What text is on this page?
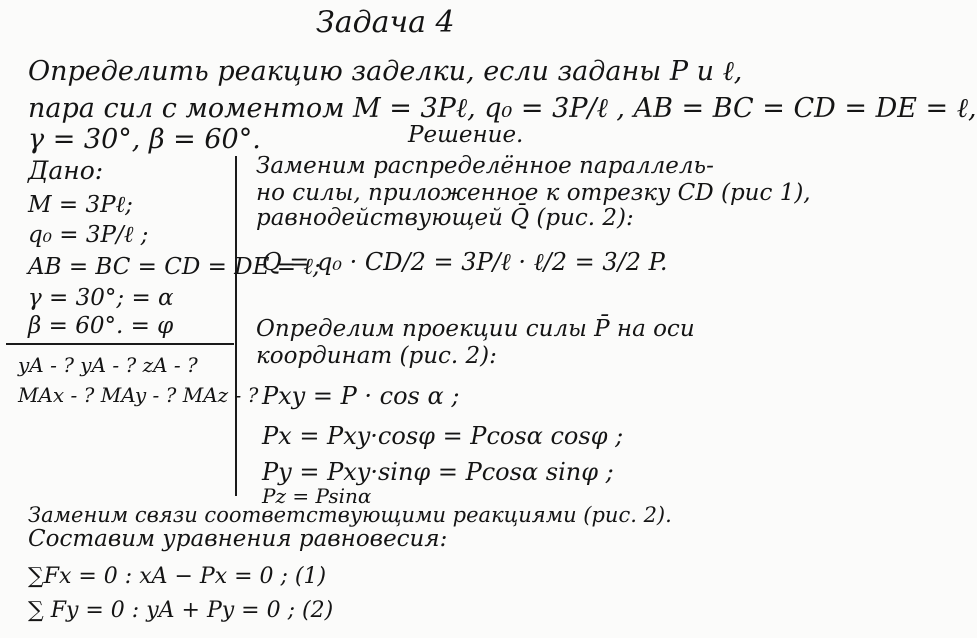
Задача 4
Определить реакцию заделки, если заданы P и ℓ,
пара сил с моментом M = 3Pℓ, q₀ = 3P/ℓ , AB = BC = CD = DE = ℓ,
γ = 30°, β = 60°.	Решение.
Дано:
M = 3Pℓ;
q₀ = 3P/ℓ ;
AB = BC = CD = DE = ℓ;
γ = 30°; = α
β = 60°. = φ
yA - ? yA - ? zA - ?
MAx - ? MAy - ? MAz - ?
Заменим распределённое параллель-
но силы, приложенное к отрезку CD (рис 1),
равнодействующей Q̄ (рис. 2):
Q = q₀ · CD/2 = 3P/ℓ · ℓ/2 = 3/2 P.
Определим проекции силы P̄ на оси
координат (рис. 2):
Pxy = P · cos α ;
Px = Pxy·cosφ = Pcosα cosφ ;
Py = Pxy·sinφ = Pcosα sinφ ;
Pz = Psinα
Заменим связи соответствующими реакциями (рис. 2).
Составим уравнения равновесия:
∑Fx = 0 : xA − Px = 0 ; (1)
∑ Fy = 0 : yA + Py = 0 ; (2)
